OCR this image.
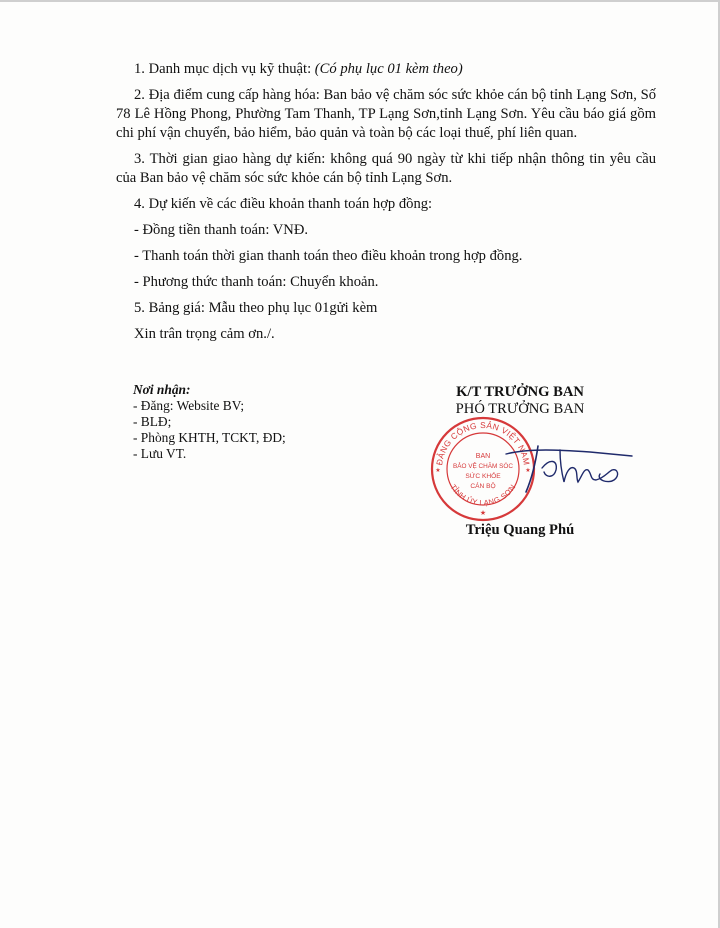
1. Danh mục dịch vụ kỹ thuật: (Có phụ lục 01 kèm theo)

2. Địa điểm cung cấp hàng hóa: Ban bảo vệ chăm sóc sức khỏe cán bộ tỉnh Lạng Sơn, Số 78 Lê Hồng Phong, Phường Tam Thanh, TP Lạng Sơn,tỉnh Lạng Sơn. Yêu cầu báo giá gồm chi phí vận chuyển, bảo hiểm, bảo quản và toàn bộ các loại thuế, phí liên quan.

3. Thời gian giao hàng dự kiến: không quá 90 ngày từ khi tiếp nhận thông tin yêu cầu của Ban bảo vệ chăm sóc sức khỏe cán bộ tỉnh Lạng Sơn.

4. Dự kiến về các điều khoản thanh toán hợp đồng:

- Đồng tiền thanh toán: VNĐ.

- Thanh toán thời gian thanh toán theo điều khoản trong hợp đồng.

- Phương thức thanh toán: Chuyển khoản.

5. Bảng giá: Mẫu theo phụ lục 01gửi kèm

Xin trân trọng cảm ơn./.

Nơi nhận:
- Đăng: Website BV;
- BLĐ;
- Phòng KHTH, TCKT, ĐD;
- Lưu VT.
K/T TRƯỞNG BAN
PHÓ TRƯỞNG BAN
ĐẢNG CỘNG SẢN VIỆT NAM
TỈNH ỦY LẠNG SƠN
BAN
BẢO VỆ CHĂM SÓC
SỨC KHỎE
CÁN BỘ
★
★	★
Triệu Quang Phú
